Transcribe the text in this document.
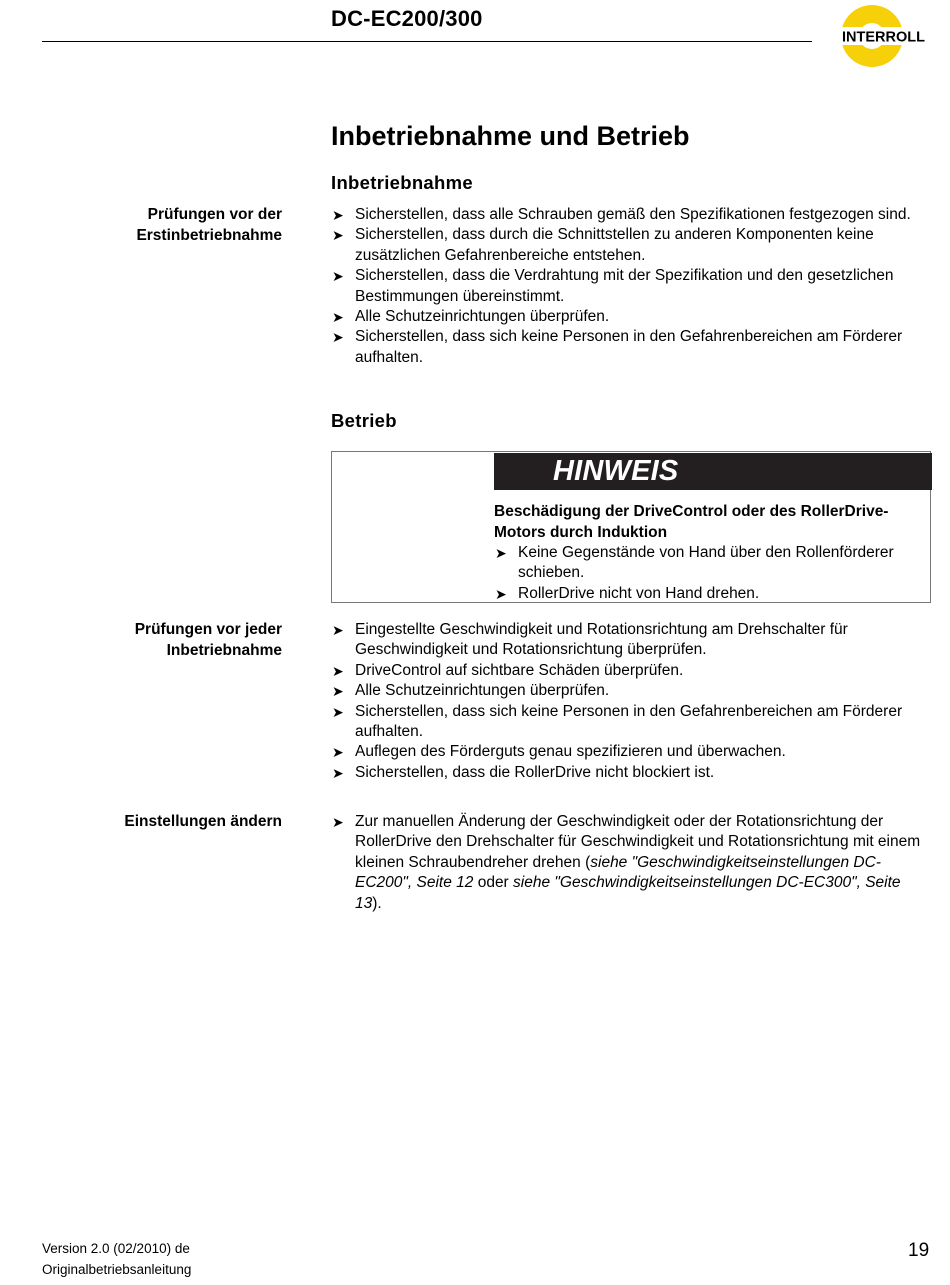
DC-EC200/300
INTERROLL
Inbetriebnahme und Betrieb
Inbetriebnahme
Prüfungen vor der
Erstinbetriebnahme
➤ Sicherstellen, dass alle Schrauben gemäß den Spezifikationen festgezogen sind.
➤ Sicherstellen, dass durch die Schnittstellen zu anderen Komponenten keine zusätzlichen Gefahrenbereiche entstehen.
➤ Sicherstellen, dass die Verdrahtung mit der Spezifikation und den gesetzlichen Bestimmungen übereinstimmt.
➤ Alle Schutzeinrichtungen überprüfen.
➤ Sicherstellen, dass sich keine Personen in den Gefahrenbereichen am Förderer aufhalten.
Betrieb
HINWEIS
Beschädigung der DriveControl oder des RollerDrive-Motors durch Induktion
➤ Keine Gegenstände von Hand über den Rollenförderer schieben.
➤ RollerDrive nicht von Hand drehen.
Prüfungen vor jeder
Inbetriebnahme
➤ Eingestellte Geschwindigkeit und Rotationsrichtung am Drehschalter für Geschwindigkeit und Rotationsrichtung überprüfen.
➤ DriveControl auf sichtbare Schäden überprüfen.
➤ Alle Schutzeinrichtungen überprüfen.
➤ Sicherstellen, dass sich keine Personen in den Gefahrenbereichen am Förderer aufhalten.
➤ Auflegen des Förderguts genau spezifizieren und überwachen.
➤ Sicherstellen, dass die RollerDrive nicht blockiert ist.
Einstellungen ändern	➤ Zur manuellen Änderung der Geschwindigkeit oder der Rotationsrichtung der RollerDrive den Drehschalter für Geschwindigkeit und Rotationsrichtung mit einem kleinen Schraubendreher drehen (siehe "Geschwindigkeitseinstellungen DC-EC200", Seite 12 oder siehe "Geschwindigkeitseinstellungen DC-EC300", Seite 13).
Version 2.0 (02/2010) de
Originalbetriebsanleitung
19
